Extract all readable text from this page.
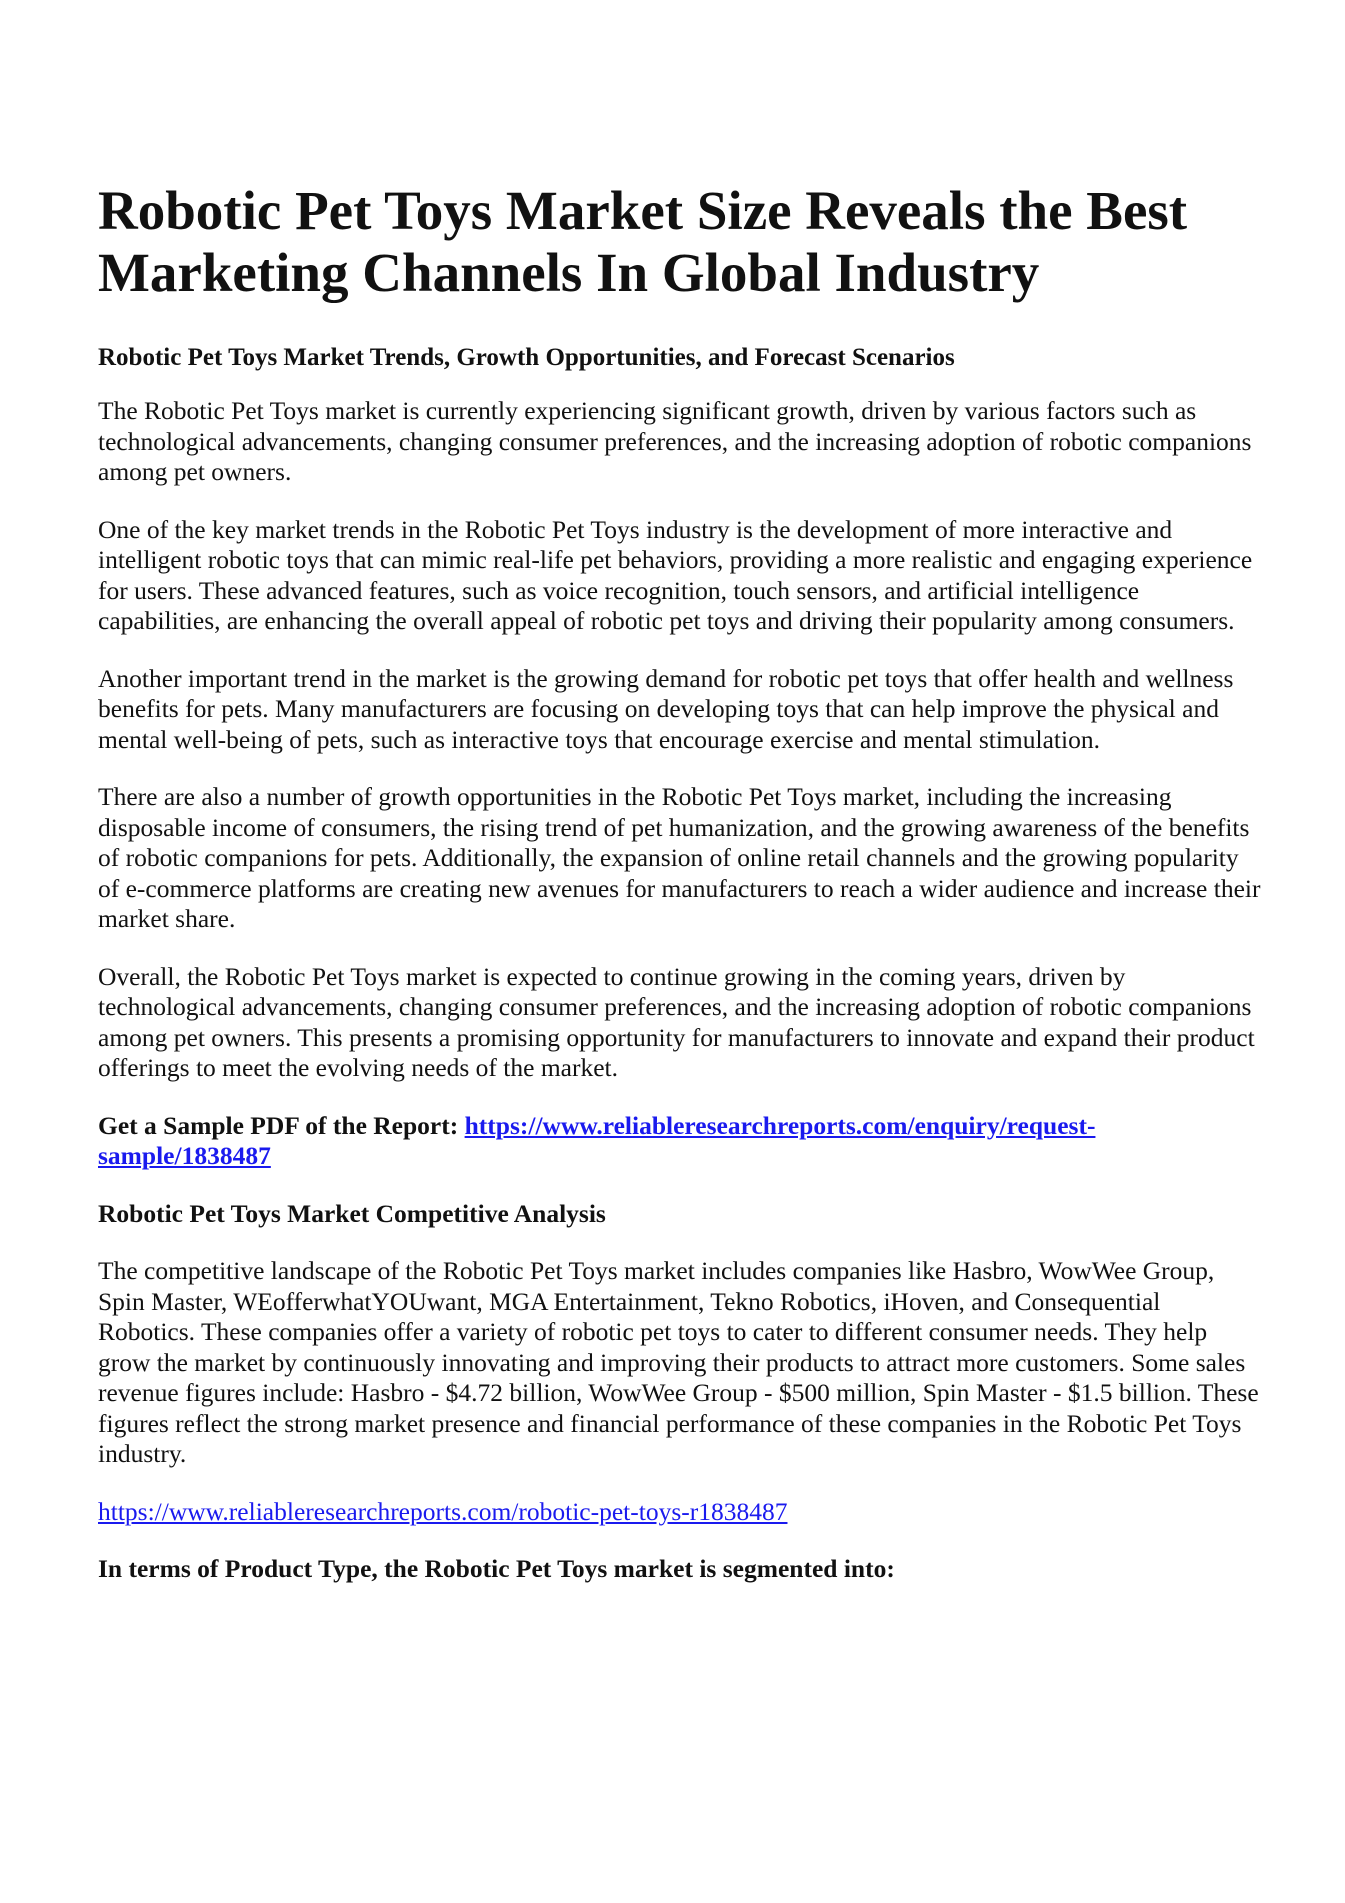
Robotic Pet Toys Market Size Reveals the Best Marketing Channels In Global Industry
Robotic Pet Toys Market Trends, Growth Opportunities, and Forecast Scenarios

The Robotic Pet Toys market is currently experiencing significant growth, driven by various factors such as technological advancements, changing consumer preferences, and the increasing adoption of robotic companions among pet owners.

One of the key market trends in the Robotic Pet Toys industry is the development of more interactive and intelligent robotic toys that can mimic real-life pet behaviors, providing a more realistic and engaging experience for users. These advanced features, such as voice recognition, touch sensors, and artificial intelligence capabilities, are enhancing the overall appeal of robotic pet toys and driving their popularity among consumers.

Another important trend in the market is the growing demand for robotic pet toys that offer health and wellness benefits for pets. Many manufacturers are focusing on developing toys that can help improve the physical and mental well-being of pets, such as interactive toys that encourage exercise and mental stimulation.

There are also a number of growth opportunities in the Robotic Pet Toys market, including the increasing disposable income of consumers, the rising trend of pet humanization, and the growing awareness of the benefits of robotic companions for pets. Additionally, the expansion of online retail channels and the growing popularity of e-commerce platforms are creating new avenues for manufacturers to reach a wider audience and increase their market share.

Overall, the Robotic Pet Toys market is expected to continue growing in the coming years, driven by technological advancements, changing consumer preferences, and the increasing adoption of robotic companions among pet owners. This presents a promising opportunity for manufacturers to innovate and expand their product offerings to meet the evolving needs of the market.

Get a Sample PDF of the Report: https://www.reliableresearchreports.com/enquiry/request-sample/1838487

Robotic Pet Toys Market Competitive Analysis

The competitive landscape of the Robotic Pet Toys market includes companies like Hasbro, WowWee Group, Spin Master, WEofferwhatYOUwant, MGA Entertainment, Tekno Robotics, iHoven, and Consequential Robotics. These companies offer a variety of robotic pet toys to cater to different consumer needs. They help grow the market by continuously innovating and improving their products to attract more customers. Some sales revenue figures include: Hasbro - $4.72 billion, WowWee Group - $500 million, Spin Master - $1.5 billion. These figures reflect the strong market presence and financial performance of these companies in the Robotic Pet Toys industry.

https://www.reliableresearchreports.com/robotic-pet-toys-r1838487

In terms of Product Type, the Robotic Pet Toys market is segmented into:
